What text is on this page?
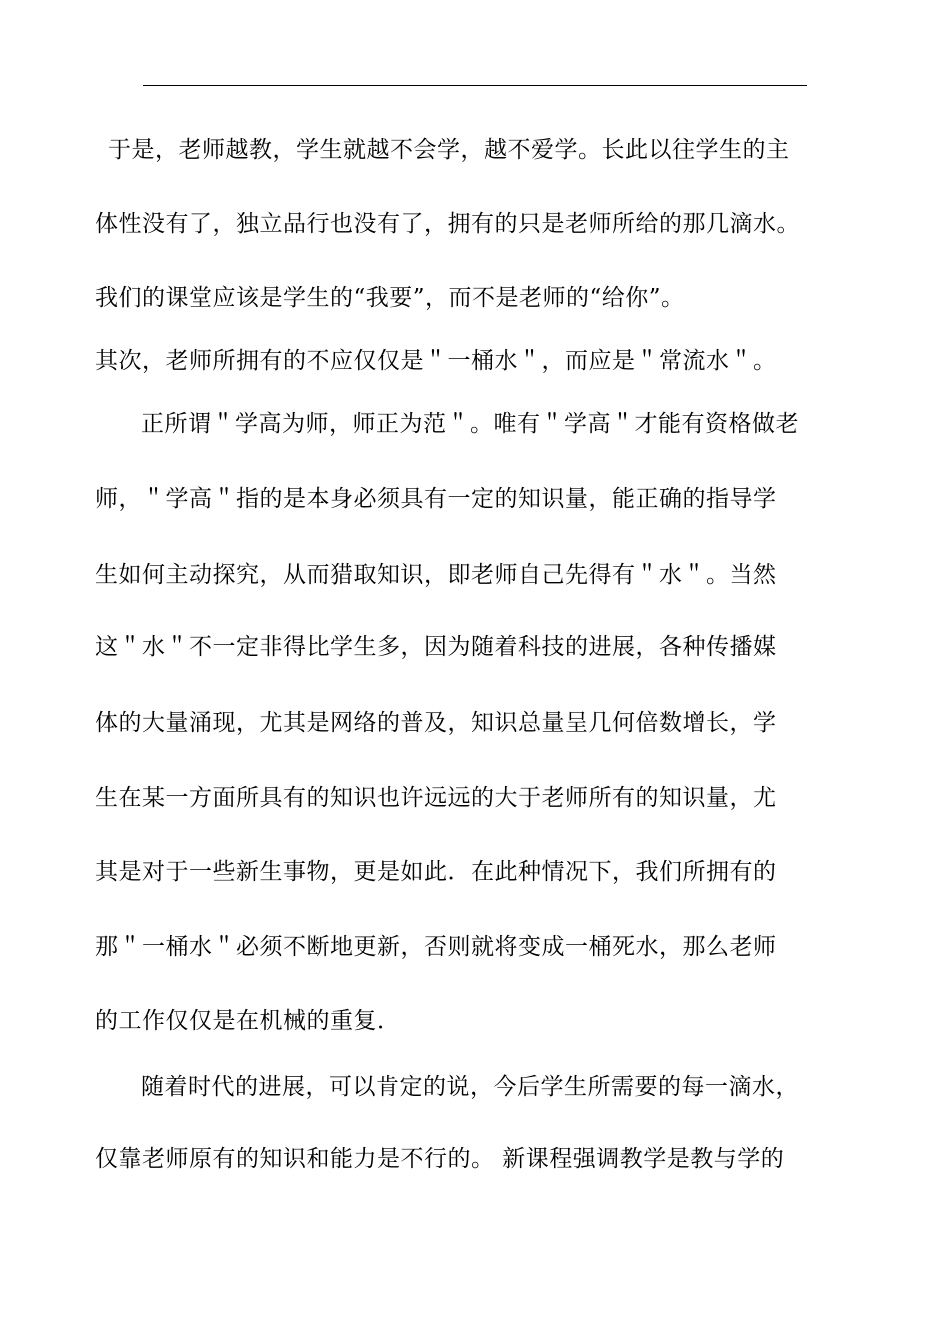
于是，老师越教，学生就越不会学，越不爱学。长此以往学生的主
体性没有了，独立品行也没有了，拥有的只是老师所给的那几滴水。
我们的课堂应该是学生的“我要”，而不是老师的“给你”。
其次，老师所拥有的不应仅仅是＂一桶水＂，而应是＂常流水＂。
正所谓＂学高为师，师正为范＂。唯有＂学高＂才能有资格做老
师，＂学高＂指的是本身必须具有一定的知识量，能正确的指导学
生如何主动探究，从而猎取知识，即老师自己先得有＂水＂。当然
这＂水＂不一定非得比学生多，因为随着科技的进展，各种传播媒
体的大量涌现，尤其是网络的普及，知识总量呈几何倍数增长，学
生在某一方面所具有的知识也许远远的大于老师所有的知识量，尤
其是对于一些新生事物，更是如此．在此种情况下，我们所拥有的
那＂一桶水＂必须不断地更新，否则就将变成一桶死水，那么老师
的工作仅仅是在机械的重复．
随着时代的进展，可以肯定的说，今后学生所需要的每一滴水，
仅靠老师原有的知识和能力是不行的。 新课程强调教学是教与学的
